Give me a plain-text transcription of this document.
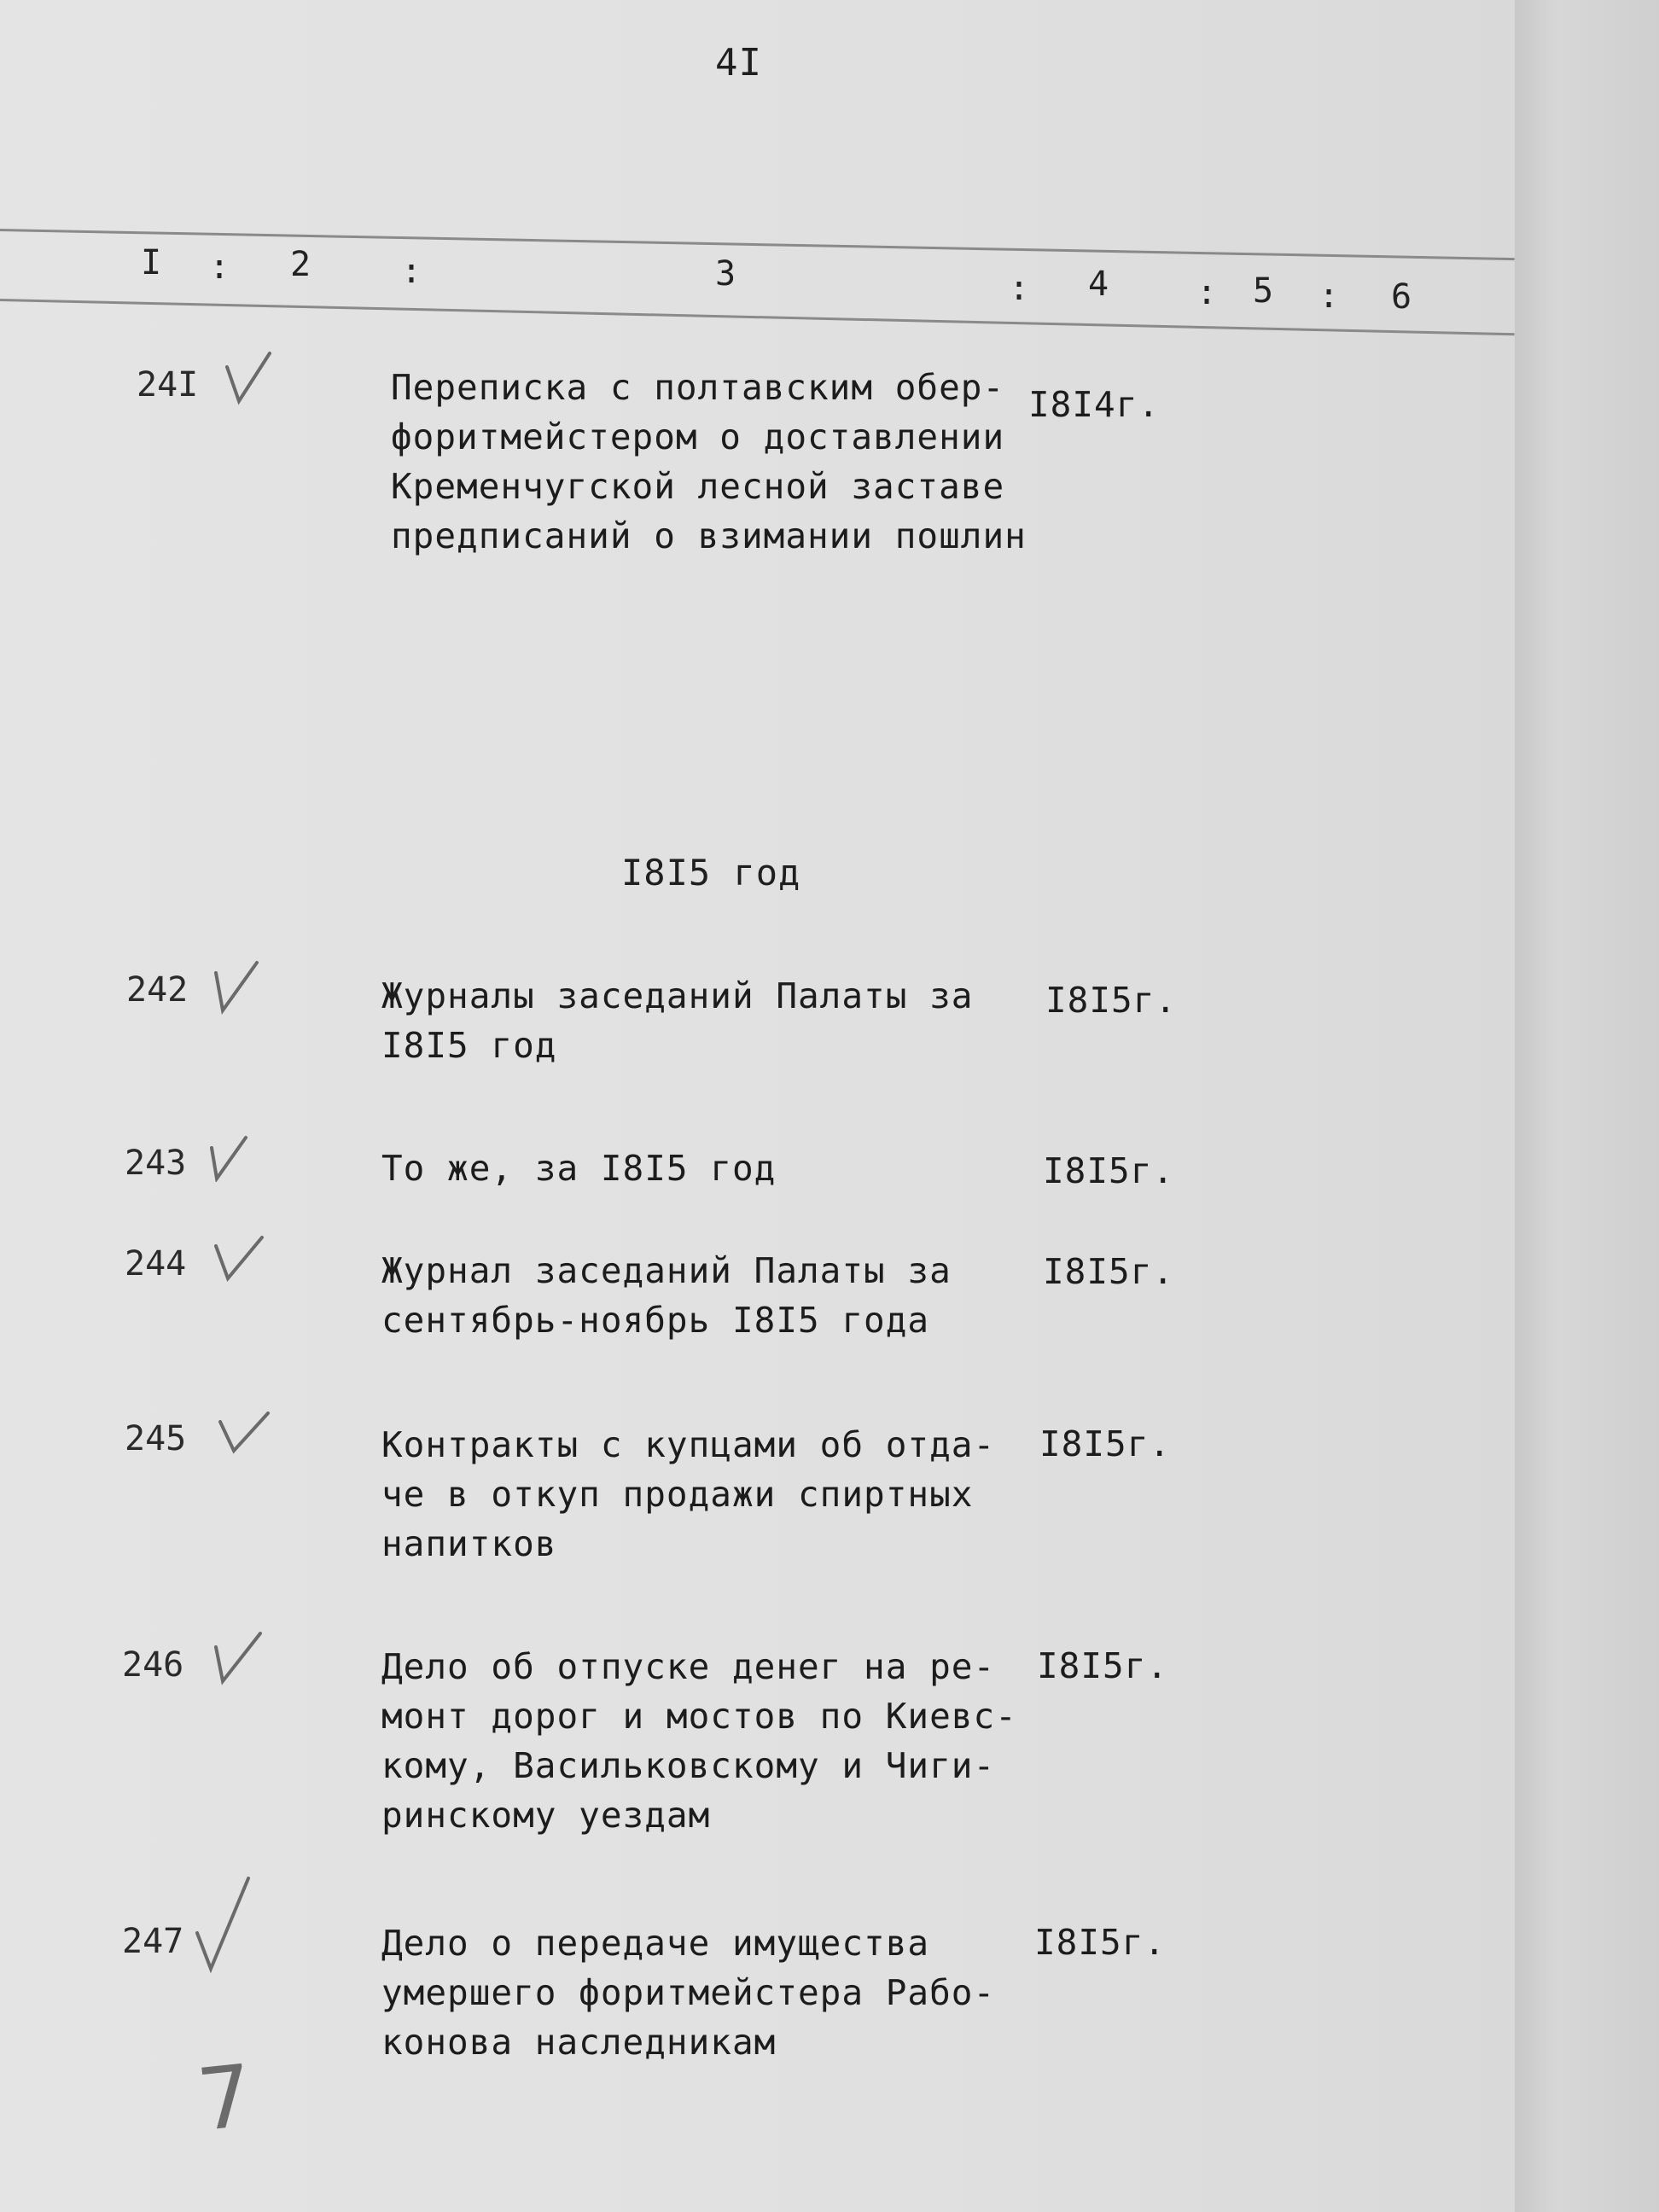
4I
I : 2	:	3	: 4	: 5 : 6
24I	Переписка с полтавским обер-
форитмейстером о доставлении
Кременчугской лесной заставе
предписаний о взимании пошлин
I8I4г.
I8I5 год
242	Журналы заседаний Палаты за
I8I5 год
I8I5г.
243	То же, за I8I5 год	I8I5г.
244	Журнал заседаний Палаты за
сентябрь-ноябрь I8I5 года
I8I5г.
245	Контракты с купцами об отда-
че в откуп продажи спиртных
напитков
I8I5г.
246	Дело об отпуске денег на ре-
монт дорог и мостов по Киевс-
кому, Васильковскому и Чиги-
ринскому уездам
I8I5г.
247	Дело о передаче имущества
умершего форитмейстера Рабо-
конова наследникам
I8I5г.
7
